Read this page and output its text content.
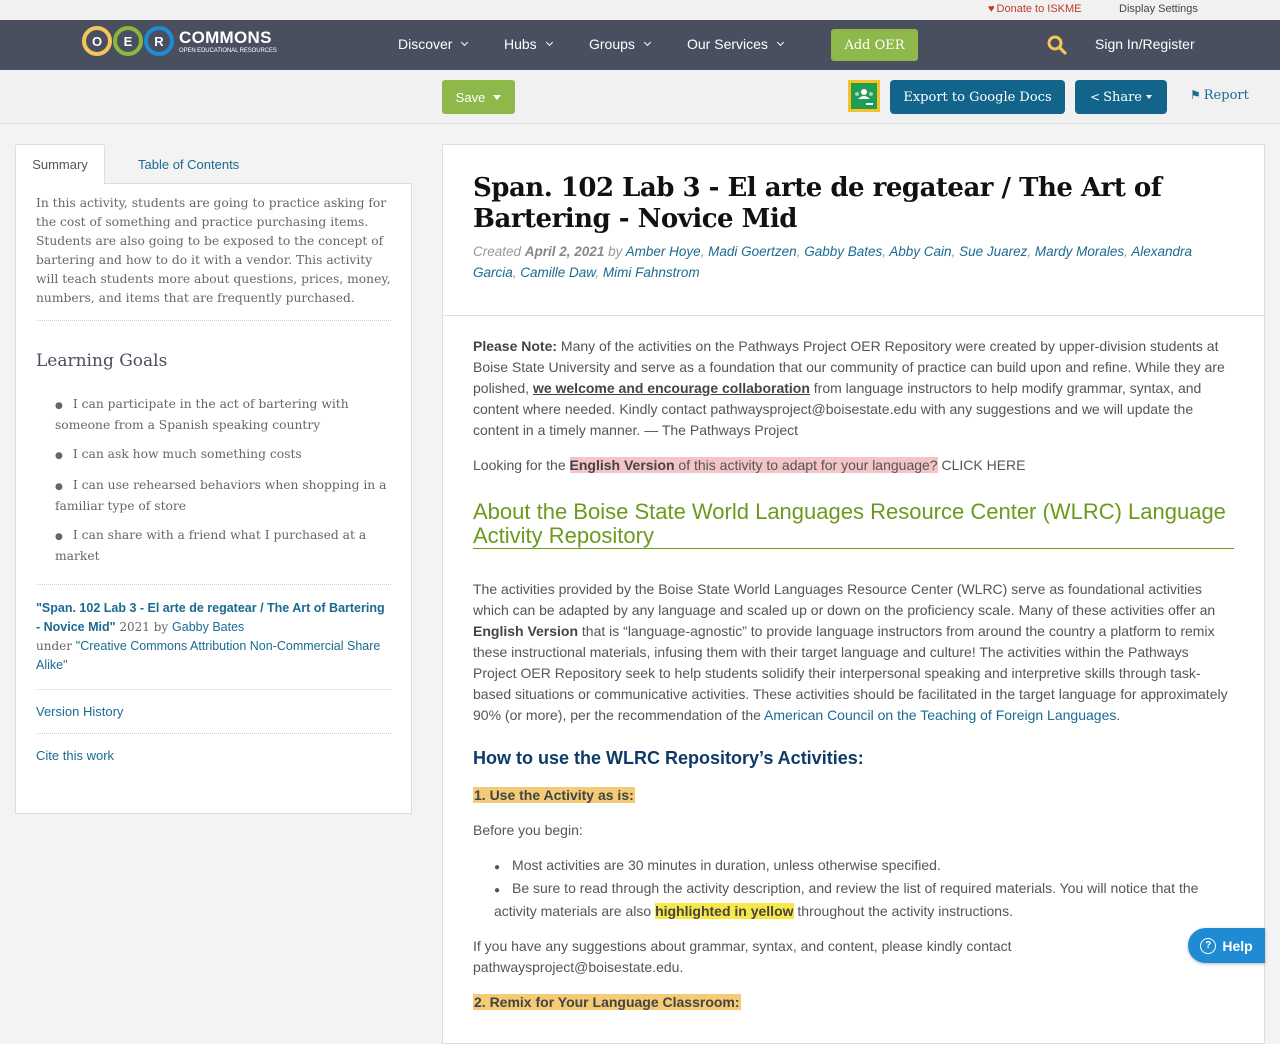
♥ Donate to ISKME	Display Settings
O	E	R COMMONS
OPEN EDUCATIONAL RESOURCES	Discover	Hubs	Groups	Our Services	Add OER	Sign In/Register
Save	Export to Google Docs	< Share	⚑ Report
Summary	Table of Contents

In this activity, students are going to practice asking for the cost of something and practice purchasing items. Students are also going to be exposed to the concept of bartering and how to do it with a vendor. This activity will teach students more about questions, prices, money, numbers, and items that are frequently purchased.

Learning Goals
● I can participate in the act of bartering with someone from a Spanish speaking country
● I can ask how much something costs
● I can use rehearsed behaviors when shopping in a familiar type of store
● I can share with a friend what I purchased at a market
"Span. 102 Lab 3 - El arte de regatear / The Art of Bartering - Novice Mid" 2021 by Gabby Bates
under "Creative Commons Attribution Non-Commercial Share Alike"
Version History
Cite this work
Span. 102 Lab 3 - El arte de regatear / The Art of Bartering - Novice Mid
Created April 2, 2021 by Amber Hoye, Madi Goertzen, Gabby Bates, Abby Cain, Sue Juarez, Mardy Morales, Alexandra Garcia, Camille Daw, Mimi Fahnstrom

Please Note: Many of the activities on the Pathways Project OER Repository were created by upper-division students at Boise State University and serve as a foundation that our community of practice can build upon and refine. While they are polished, we welcome and encourage collaboration from language instructors to help modify grammar, syntax, and content where needed. Kindly contact pathwaysproject@boisestate.edu with any suggestions and we will update the content in a timely manner. — The Pathways Project

Looking for the English Version of this activity to adapt for your language? CLICK HERE

About the Boise State World Languages Resource Center (WLRC) Language Activity Repository

The activities provided by the Boise State World Languages Resource Center (WLRC) serve as foundational activities which can be adapted by any language and scaled up or down on the proficiency scale. Many of these activities offer an English Version that is “language-agnostic” to provide language instructors from around the country a platform to remix these instructional materials, infusing them with their target language and culture! The activities within the Pathways Project OER Repository seek to help students solidify their interpersonal speaking and interpretive skills through task-based situations or communicative activities. These activities should be facilitated in the target language for approximately 90% (or more), per the recommendation of the American Council on the Teaching of Foreign Languages.

How to use the WLRC Repository’s Activities:

1. Use the Activity as is:

Before you begin:

● Most activities are 30 minutes in duration, unless otherwise specified.
● Be sure to read through the activity description, and review the list of required materials. You will notice that the activity materials are also highlighted in yellow throughout the activity instructions.

If you have any suggestions about grammar, syntax, and content, please kindly contact pathwaysproject@boisestate.edu.

2. Remix for Your Language Classroom:

? Help
